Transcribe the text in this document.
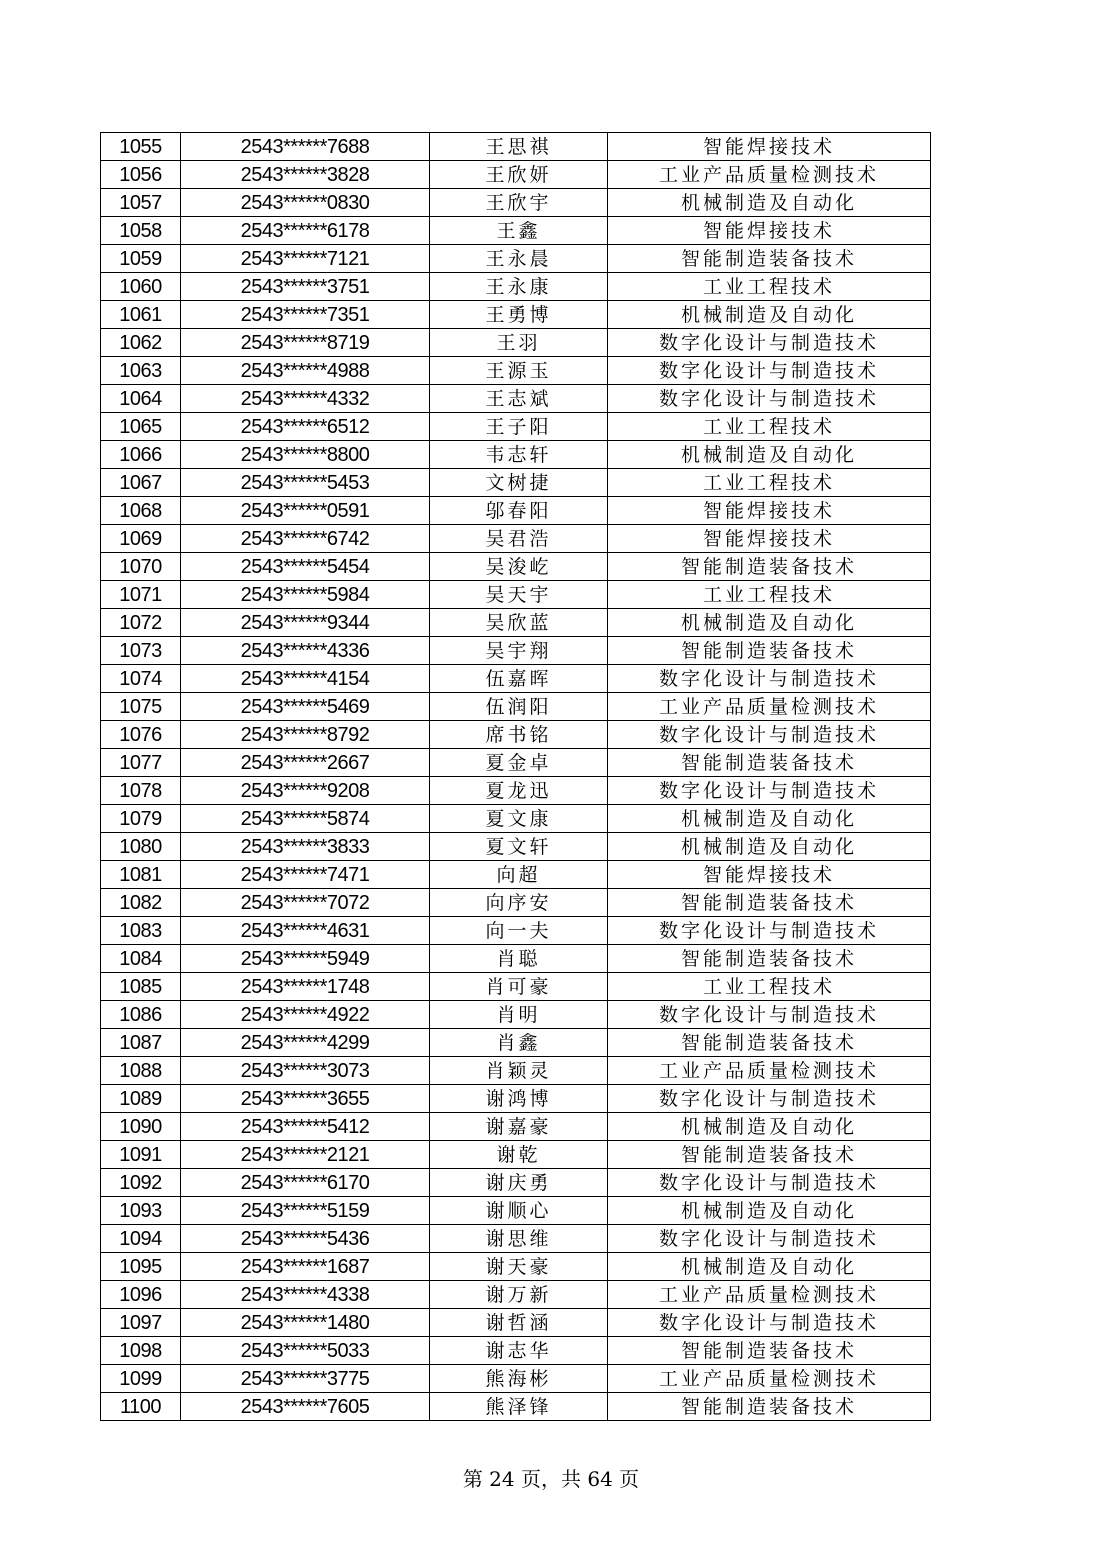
1055	2543******7688	王思祺	智能焊接技术
1056	2543******3828	王欣妍	工业产品质量检测技术
1057	2543******0830	王欣宇	机械制造及自动化
1058	2543******6178	王鑫	智能焊接技术
1059	2543******7121	王永晨	智能制造装备技术
1060	2543******3751	王永康	工业工程技术
1061	2543******7351	王勇博	机械制造及自动化
1062	2543******8719	王羽	数字化设计与制造技术
1063	2543******4988	王源玉	数字化设计与制造技术
1064	2543******4332	王志斌	数字化设计与制造技术
1065	2543******6512	王子阳	工业工程技术
1066	2543******8800	韦志轩	机械制造及自动化
1067	2543******5453	文树捷	工业工程技术
1068	2543******0591	邬春阳	智能焊接技术
1069	2543******6742	吴君浩	智能焊接技术
1070	2543******5454	吴浚屹	智能制造装备技术
1071	2543******5984	吴天宇	工业工程技术
1072	2543******9344	吴欣蓝	机械制造及自动化
1073	2543******4336	吴宇翔	智能制造装备技术
1074	2543******4154	伍嘉晖	数字化设计与制造技术
1075	2543******5469	伍润阳	工业产品质量检测技术
1076	2543******8792	席书铭	数字化设计与制造技术
1077	2543******2667	夏金卓	智能制造装备技术
1078	2543******9208	夏龙迅	数字化设计与制造技术
1079	2543******5874	夏文康	机械制造及自动化
1080	2543******3833	夏文轩	机械制造及自动化
1081	2543******7471	向超	智能焊接技术
1082	2543******7072	向序安	智能制造装备技术
1083	2543******4631	向一夫	数字化设计与制造技术
1084	2543******5949	肖聪	智能制造装备技术
1085	2543******1748	肖可豪	工业工程技术
1086	2543******4922	肖明	数字化设计与制造技术
1087	2543******4299	肖鑫	智能制造装备技术
1088	2543******3073	肖颖灵	工业产品质量检测技术
1089	2543******3655	谢鸿博	数字化设计与制造技术
1090	2543******5412	谢嘉豪	机械制造及自动化
1091	2543******2121	谢乾	智能制造装备技术
1092	2543******6170	谢庆勇	数字化设计与制造技术
1093	2543******5159	谢顺心	机械制造及自动化
1094	2543******5436	谢思维	数字化设计与制造技术
1095	2543******1687	谢天豪	机械制造及自动化
1096	2543******4338	谢万新	工业产品质量检测技术
1097	2543******1480	谢哲涵	数字化设计与制造技术
1098	2543******5033	谢志华	智能制造装备技术
1099	2543******3775	熊海彬	工业产品质量检测技术
1100	2543******7605	熊泽锋	智能制造装备技术
第 24 页，共 64 页
